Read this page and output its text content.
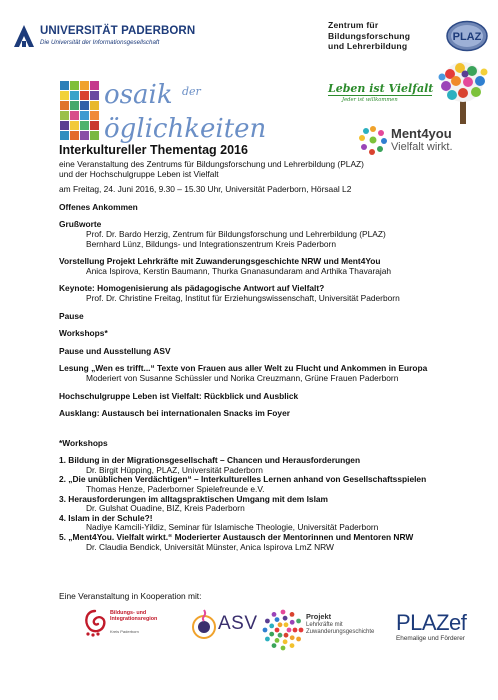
UNIVERSITÄT PADERBORN
Die Universität der Informationsgesellschaft
Zentrum für
Bildungsforschung
und Lehrerbildung
PLAZ
osaik der
öglichkeiten
Leben ist Vielfalt
Jeder ist willkommen
Ment4you
Vielfalt wirkt.
Interkultureller Thementag 2016
eine Veranstaltung des Zentrums für Bildungsforschung und Lehrerbildung (PLAZ)
und der Hochschulgruppe Leben ist Vielfalt
am Freitag, 24. Juni 2016, 9.30 – 15.30 Uhr, Universität Paderborn, Hörsaal L2
Offenes Ankommen
Grußworte
Prof. Dr. Bardo Herzig, Zentrum für Bildungsforschung und Lehrerbildung (PLAZ)
Bernhard Lünz, Bildungs- und Integrationszentrum Kreis Paderborn
Vorstellung Projekt Lehrkräfte mit Zuwanderungsgeschichte NRW und Ment4You
Anica Ispirova, Kerstin Baumann, Thurka Gnanasundaram and Arthika Thavarajah
Keynote: Homogenisierung als pädagogische Antwort auf Vielfalt?
Prof. Dr. Christine Freitag, Institut für Erziehungswissenschaft, Universität Paderborn
Pause
Workshops*
Pause und Ausstellung ASV
Lesung „Wen es trifft...“ Texte von Frauen aus aller Welt zu Flucht und Ankommen in Europa
Moderiert von Susanne Schüssler und Norika Creuzmann, Grüne Frauen Paderborn
Hochschulgruppe Leben ist Vielfalt: Rückblick und Ausblick
Ausklang: Austausch bei internationalen Snacks im Foyer
*Workshops
1. Bildung in der Migrationsgesellschaft – Chancen und Herausforderungen
Dr. Birgit Hüpping, PLAZ, Universität Paderborn
2. „Die unüblichen Verdächtigen“ – Interkulturelles Lernen anhand von Gesellschaftsspielen
Thomas Henze, Paderborner Spielefreunde e.V.
3. Herausforderungen im alltagspraktischen Umgang mit dem Islam
Dr. Gulshat Ouadine, BIZ, Kreis Paderborn
4. Islam in der Schule?!
Nadiye Kamcili-Yildiz, Seminar für Islamische Theologie, Universität Paderborn
5. „Ment4You. Vielfalt wirkt.“ Moderierter Austausch der Mentorinnen und Mentoren NRW
Dr. Claudia Bendick, Universität Münster, Anica Ispirova LmZ NRW
Eine Veranstaltung in Kooperation mit:
Bildungs- und
Integrationsregion
Kreis Paderborn	ASV	Projekt
Lehrkräfte mit
Zuwanderungsgeschichte PLAZef
Ehemalige und Förderer
